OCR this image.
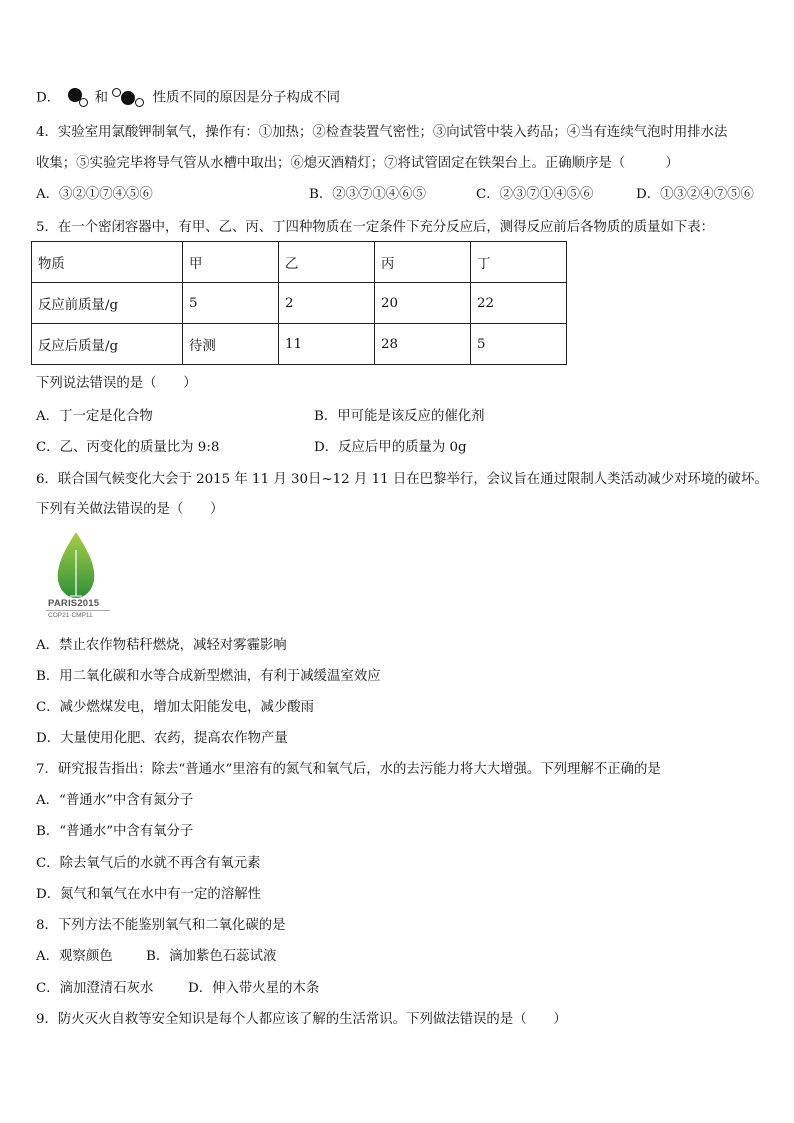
D．	和	性质不同的原因是分子构成不同
4．实验室用氯酸钾制氧气，操作有：①加热；②检查装置气密性；③向试管中装入药品；④当有连续气泡时用排水法
收集；⑤实验完毕将导气管从水槽中取出；⑥熄灭酒精灯；⑦将试管固定在铁架台上。正确顺序是（　　　）
A．③②①⑦④⑤⑥	B．②③⑦①④⑥⑤	C．②③⑦①④⑤⑥	D．①③②④⑦⑤⑥
5．在一个密闭容器中，有甲、乙、丙、丁四种物质在一定条件下充分反应后，测得反应前后各物质的质量如下表：
物质	甲	乙	丙	丁
反应前质量/g	5	2	20	22
反应后质量/g	待测	11	28	5
下列说法错误的是（　　）
A．丁一定是化合物	B．甲可能是该反应的催化剂
C．乙、丙变化的质量比为 9:8	D．反应后甲的质量为 0g
6．联合国气候变化大会于 2015 年 11 月 30日~12 月 11 日在巴黎举行，会议旨在通过限制人类活动减少对环境的破坏。
下列有关做法错误的是（　　）
PARIS2015
COP21·CMP11
A．禁止农作物秸秆燃烧，减轻对雾霾影响
B．用二氧化碳和水等合成新型燃油，有利于减缓温室效应
C．减少燃煤发电，增加太阳能发电，减少酸雨
D．大量使用化肥、农药，提高农作物产量
7．研究报告指出：除去“普通水”里溶有的氮气和氧气后，水的去污能力将大大增强。下列理解不正确的是
A．“普通水”中含有氮分子
B．“普通水”中含有氧分子
C．除去氧气后的水就不再含有氧元素
D．氮气和氧气在水中有一定的溶解性
8．下列方法不能鉴别氧气和二氧化碳的是
A．观察颜色 B．滴加紫色石蕊试液
C．滴加澄清石灰水	D．伸入带火星的木条
9．防火灭火自救等安全知识是每个人都应该了解的生活常识。下列做法错误的是（　　）
